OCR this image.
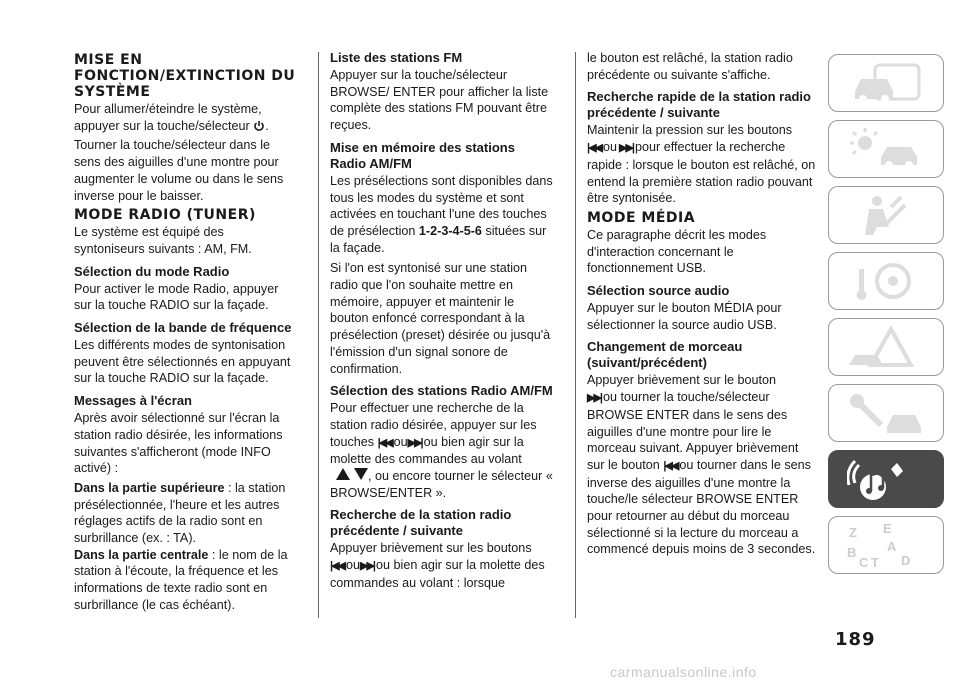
MISE EN FONCTION/EXTINCTION DU SYSTÈME

Pour allumer/éteindre le système, appuyer sur la touche/sélecteur .

Tourner la touche/sélecteur dans le sens des aiguilles d'une montre pour augmenter le volume ou dans le sens inverse pour le baisser.

MODE RADIO (TUNER)

Le système est équipé des syntoniseurs suivants : AM, FM.

Sélection du mode Radio

Pour activer le mode Radio, appuyer sur la touche RADIO sur la façade.

Sélection de la bande de fréquence

Les différents modes de syntonisation peuvent être sélectionnés en appuyant sur la touche RADIO sur la façade.

Messages à l'écran

Après avoir sélectionné sur l'écran la station radio désirée, les informations suivantes s'afficheront (mode INFO activé) :

Dans la partie supérieure : la station présélectionnée, l'heure et les autres réglages actifs de la radio sont en surbrillance (ex. : TA).

Dans la partie centrale : le nom de la station à l'écoute, la fréquence et les informations de texte radio sont en surbrillance (le cas échéant).

Liste des stations FM

Appuyer sur la touche/sélecteur BROWSE/ ENTER pour afficher la liste complète des stations FM pouvant être reçues.

Mise en mémoire des stations Radio AM/FM

Les présélections sont disponibles dans tous les modes du système et sont activées en touchant l'une des touches de présélection 1-2-3-4-5-6 situées sur la façade.

Si l'on est syntonisé sur une station radio que l'on souhaite mettre en mémoire, appuyer et maintenir le bouton enfoncé correspondant à la présélection (preset) désirée ou jusqu'à l'émission d'un signal sonore de confirmation.

Sélection des stations Radio AM/FM

Pour effectuer une recherche de la station radio désirée, appuyer sur les touches |◀◀ ou▶▶| ou bien agir sur la molette des commandes au volant
, ou encore tourner le sélecteur « BROWSE/ENTER ».

Recherche de la station radio précédente / suivante

Appuyer brièvement sur les boutons
|◀◀ ou▶▶| ou bien agir sur la molette des commandes au volant : lorsque

le bouton est relâché, la station radio précédente ou suivante s'affiche.

Recherche rapide de la station radio précédente / suivante

Maintenir la pression sur les boutons
|◀◀ ou ▶▶| pour effectuer la recherche rapide : lorsque le bouton est relâché, on entend la première station radio pouvant être syntonisée.

MODE MÉDIA

Ce paragraphe décrit les modes d'interaction concernant le fonctionnement USB.

Sélection source audio

Appuyer sur le bouton MÉDIA pour sélectionner la source audio USB.

Changement de morceau (suivant/précédent)

Appuyer brièvement sur le bouton
▶▶| ou tourner la touche/sélecteur BROWSE ENTER dans le sens des aiguilles d'une montre pour lire le morceau suivant. Appuyer brièvement sur le bouton |◀◀ ou tourner dans le sens inverse des aiguilles d'une montre la touche/le sélecteur BROWSE ENTER pour retourner au début du morceau sélectionné si la lecture du morceau a commencé depuis moins de 3 secondes.

Z E
A
B
C T D
189
carmanualsonline.info
